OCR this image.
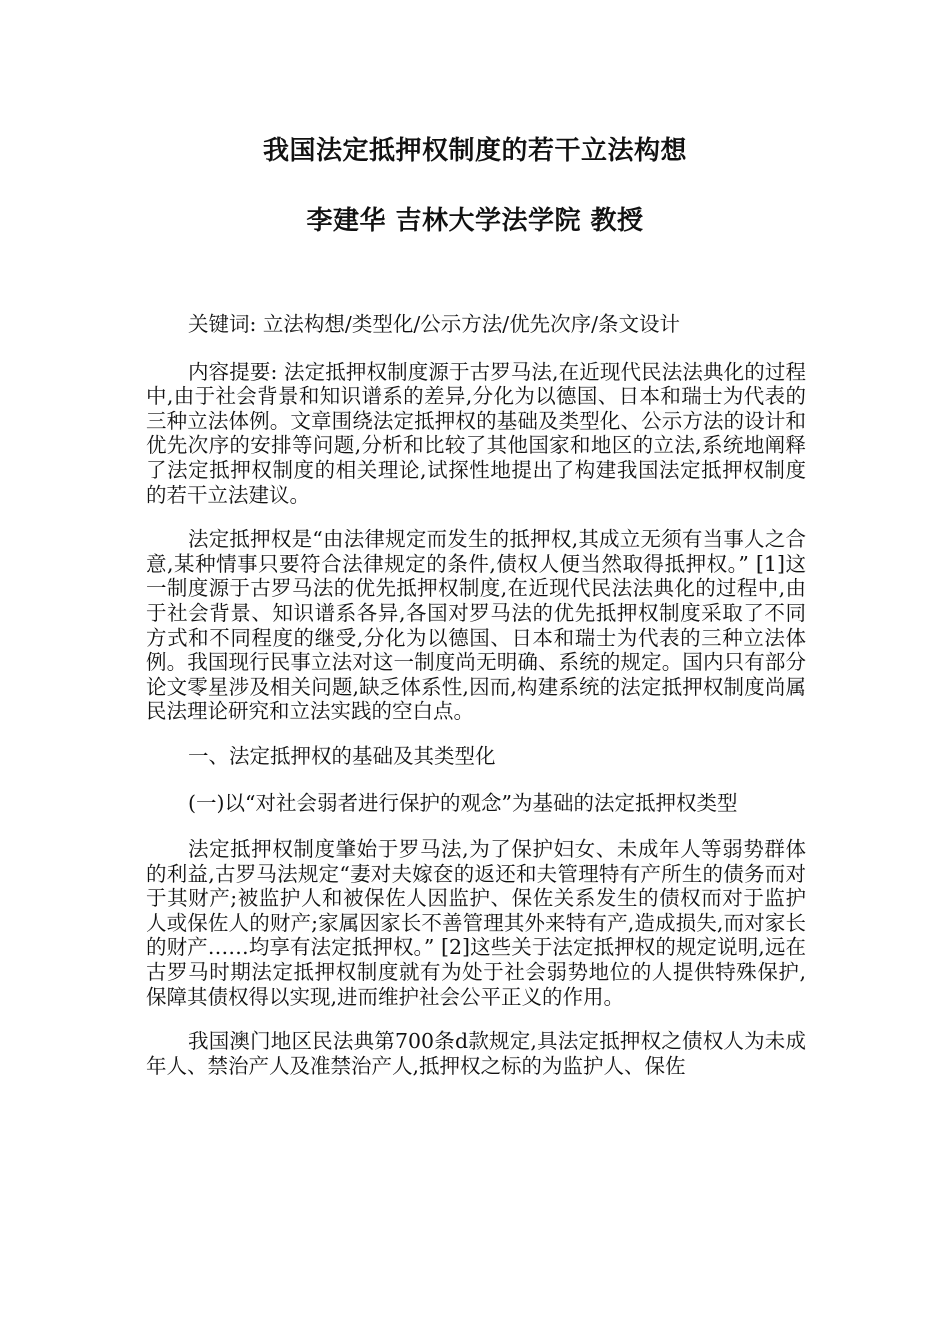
我国法定抵押权制度的若干立法构想
李建华 吉林大学法学院 教授

关键词: 立法构想/类型化/公示方法/优先次序/条文设计

内容提要: 法定抵押权制度源于古罗马法,在近现代民法法典化的过程中,由于社会背景和知识谱系的差异,分化为以德国、日本和瑞士为代表的三种立法体例。文章围绕法定抵押权的基础及类型化、公示方法的设计和优先次序的安排等问题,分析和比较了其他国家和地区的立法,系统地阐释了法定抵押权制度的相关理论,试探性地提出了构建我国法定抵押权制度的若干立法建议。

法定抵押权是“由法律规定而发生的抵押权,其成立无须有当事人之合意,某种情事只要符合法律规定的条件,债权人便当然取得抵押权。” [1]这一制度源于古罗马法的优先抵押权制度,在近现代民法法典化的过程中,由于社会背景、知识谱系各异,各国对罗马法的优先抵押权制度采取了不同方式和不同程度的继受,分化为以德国、日本和瑞士为代表的三种立法体例。我国现行民事立法对这一制度尚无明确、系统的规定。国内只有部分论文零星涉及相关问题,缺乏体系性,因而,构建系统的法定抵押权制度尚属民法理论研究和立法实践的空白点。

一、法定抵押权的基础及其类型化

(一)以“对社会弱者进行保护的观念”为基础的法定抵押权类型

法定抵押权制度肇始于罗马法,为了保护妇女、未成年人等弱势群体的利益,古罗马法规定“妻对夫嫁奁的返还和夫管理特有产所生的债务而对于其财产;被监护人和被保佐人因监护、保佐关系发生的债权而对于监护人或保佐人的财产;家属因家长不善管理其外来特有产,造成损失,而对家长的财产……均享有法定抵押权。” [2]这些关于法定抵押权的规定说明,远在古罗马时期法定抵押权制度就有为处于社会弱势地位的人提供特殊保护,保障其债权得以实现,进而维护社会公平正义的作用。

我国澳门地区民法典第700条d款规定,具法定抵押权之债权人为未成年人、禁治产人及准禁治产人,抵押权之标的为监护人、保佐
